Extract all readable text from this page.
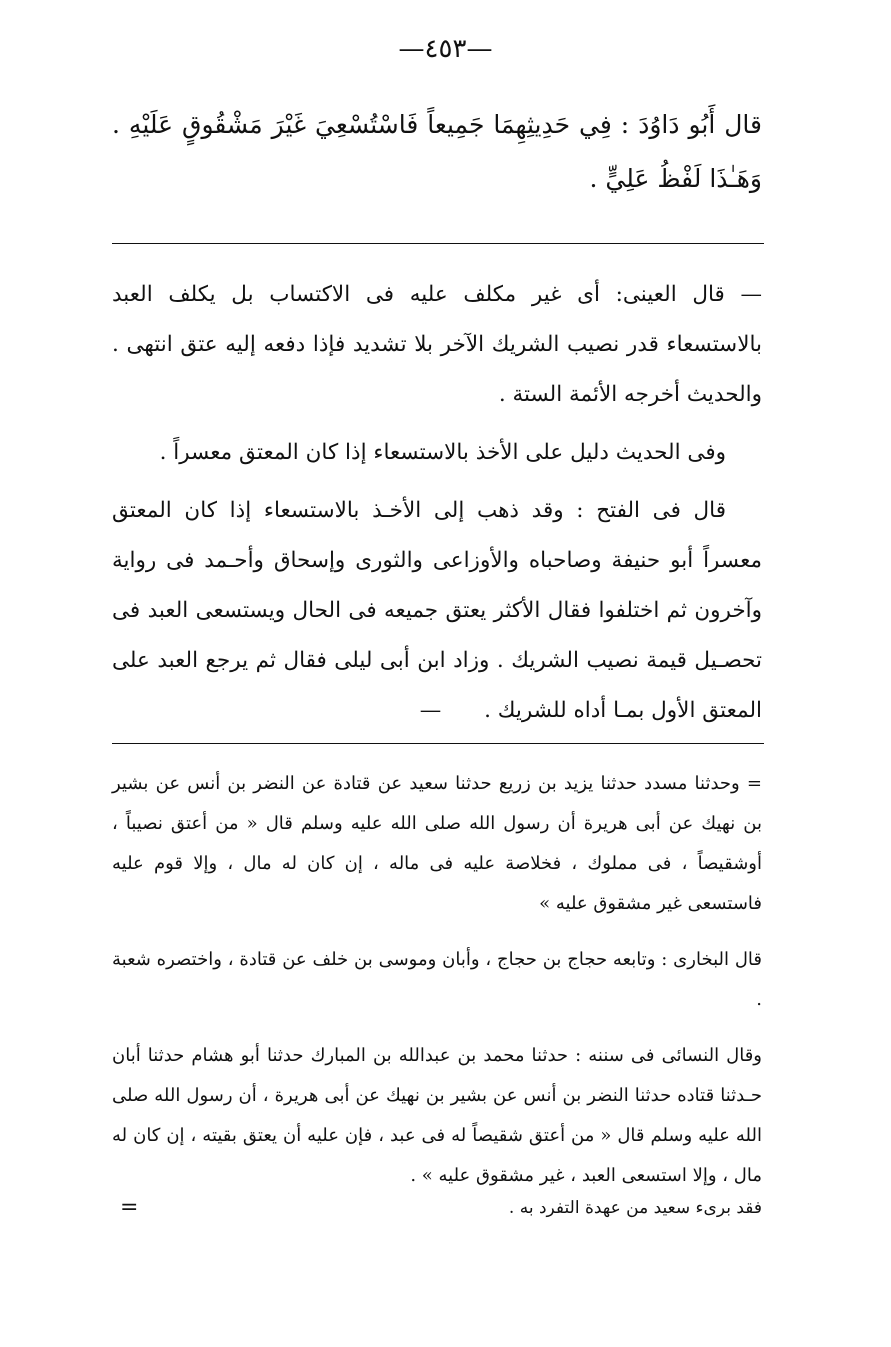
—٤٥٣—
قال أَبُو دَاوُدَ : فِي حَدِيثِهِمَا جَمِيعاً فَاسْتُسْعِيَ غَيْرَ مَشْقُوقٍ عَلَيْهِ . وَهَـٰذَا لَفْظُ عَلِيٍّ .

— قال العينى: أى غير مكلف عليه فى الاكتساب بل يكلف العبد بالاستسعاء قدر نصيب الشريك الآخر بلا تشديد فإذا دفعه إليه عتق انتهى . والحديث أخرجه الأئمة الستة .

وفى الحديث دليل على الأخذ بالاستسعاء إذا كان المعتق معسراً .

قال فى الفتح : وقد ذهب إلى الأخـذ بالاستسعاء إذا كان المعتق معسراً أبو حنيفة وصاحباه والأوزاعى والثورى وإسحاق وأحـمد فى رواية وآخرون ثم اختلفوا فقال الأكثر يعتق جميعه فى الحال ويستسعى العبد فى تحصـيل قيمة نصيب الشريك . وزاد ابن أبى ليلى فقال ثم يرجع العبد على المعتق الأول بمـا أداه للشريك . —

= وحدثنا مسدد حدثنا يزيد بن زريع حدثنا سعيد عن قتادة عن النضر بن أنس عن بشير بن نهيك عن أبى هريرة أن رسول الله صلى الله عليه وسلم قال « من أعتق نصيباً ، أوشقيصاً ، فى مملوك ، فخلاصة عليه فى ماله ، إن كان له مال ، وإلا قوم عليه فاستسعى غير مشقوق عليه »

قال البخارى : وتابعه حجاج بن حجاج ، وأبان وموسى بن خلف عن قتادة ، واختصره شعبة .

وقال النسائى فى سننه : حدثنا محمد بن عبدالله بن المبارك حدثنا أبو هشام حدثنا أبان حـدثنا قتاده حدثنا النضر بن أنس عن بشير بن نهيك عن أبى هريرة ، أن رسول الله صلى الله عليه وسلم قال « من أعتق شقيصاً له فى عبد ، فإن عليه أن يعتق بقيته ، إن كان له مال ، وإلا استسعى العبد ، غير مشقوق عليه » .

فقد برىء سعيد من عهدة التفرد به .
=
